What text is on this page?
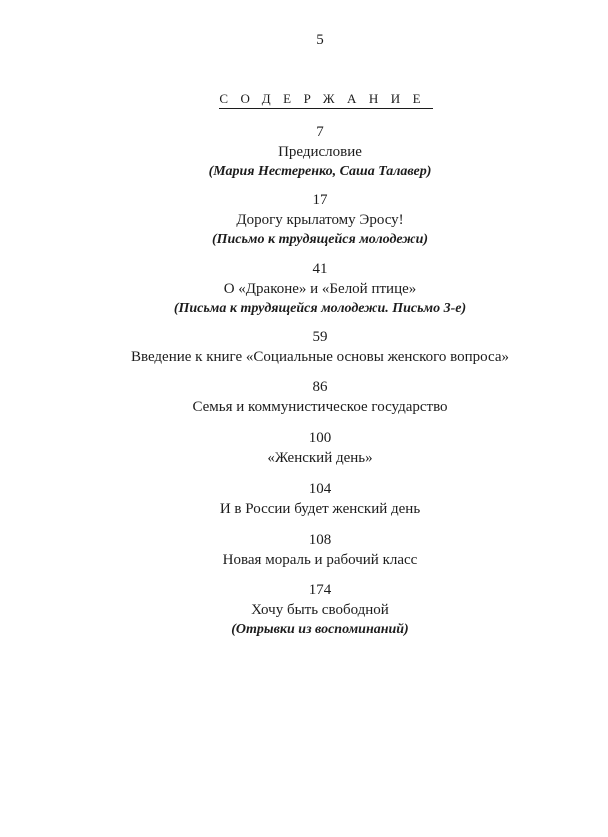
5
СОДЕРЖАНИЕ
7
Предисловие
(Мария Нестеренко, Саша Талавер)
17
Дорогу крылатому Эросу!
(Письмо к трудящейся молодежи)
41
О «Драконе» и «Белой птице»
(Письма к трудящейся молодежи. Письмо 3-е)
59
Введение к книге «Социальные основы женского вопроса»
86
Семья и коммунистическое государство
100
«Женский день»
104
И в России будет женский день
108
Новая мораль и рабочий класс
174
Хочу быть свободной
(Отрывки из воспоминаний)
